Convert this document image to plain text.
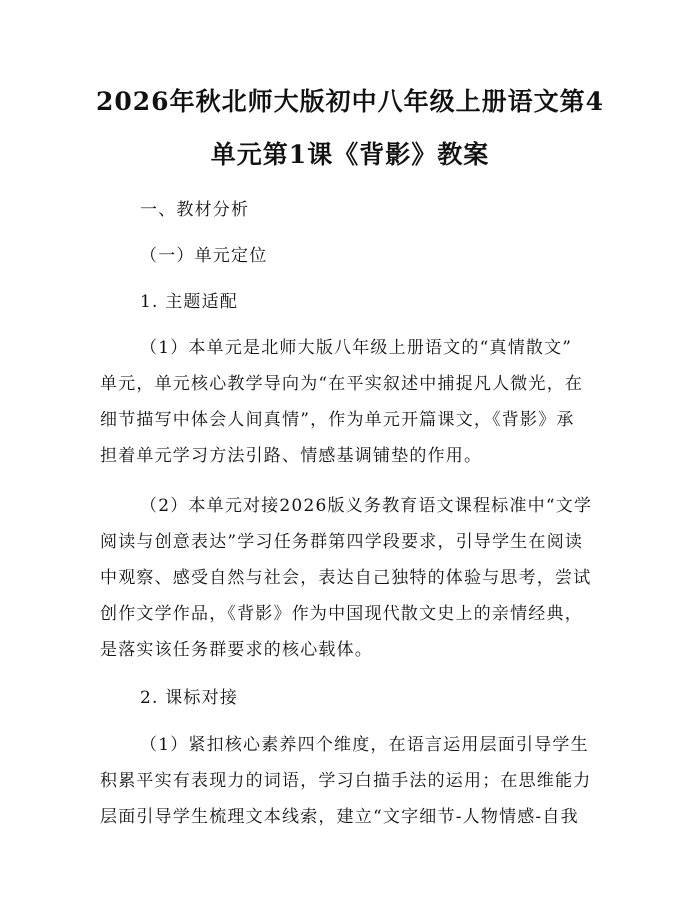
2026年秋北师大版初中八年级上册语文第4
单元第1课《背影》教案
一、教材分析
（一）单元定位
1. 主题适配
（1）本单元是北师大版八年级上册语文的“真情散文”
单元，单元核心教学导向为“在平实叙述中捕捉凡人微光，在
细节描写中体会人间真情”，作为单元开篇课文，《背影》承
担着单元学习方法引路、情感基调铺垫的作用。
（2）本单元对接2026版义务教育语文课程标准中“文学
阅读与创意表达”学习任务群第四学段要求，引导学生在阅读
中观察、感受自然与社会，表达自己独特的体验与思考，尝试
创作文学作品，《背影》作为中国现代散文史上的亲情经典，
是落实该任务群要求的核心载体。
2. 课标对接
（1）紧扣核心素养四个维度，在语言运用层面引导学生
积累平实有表现力的词语，学习白描手法的运用；在思维能力
层面引导学生梳理文本线索，建立“文字细节-人物情感-自我
